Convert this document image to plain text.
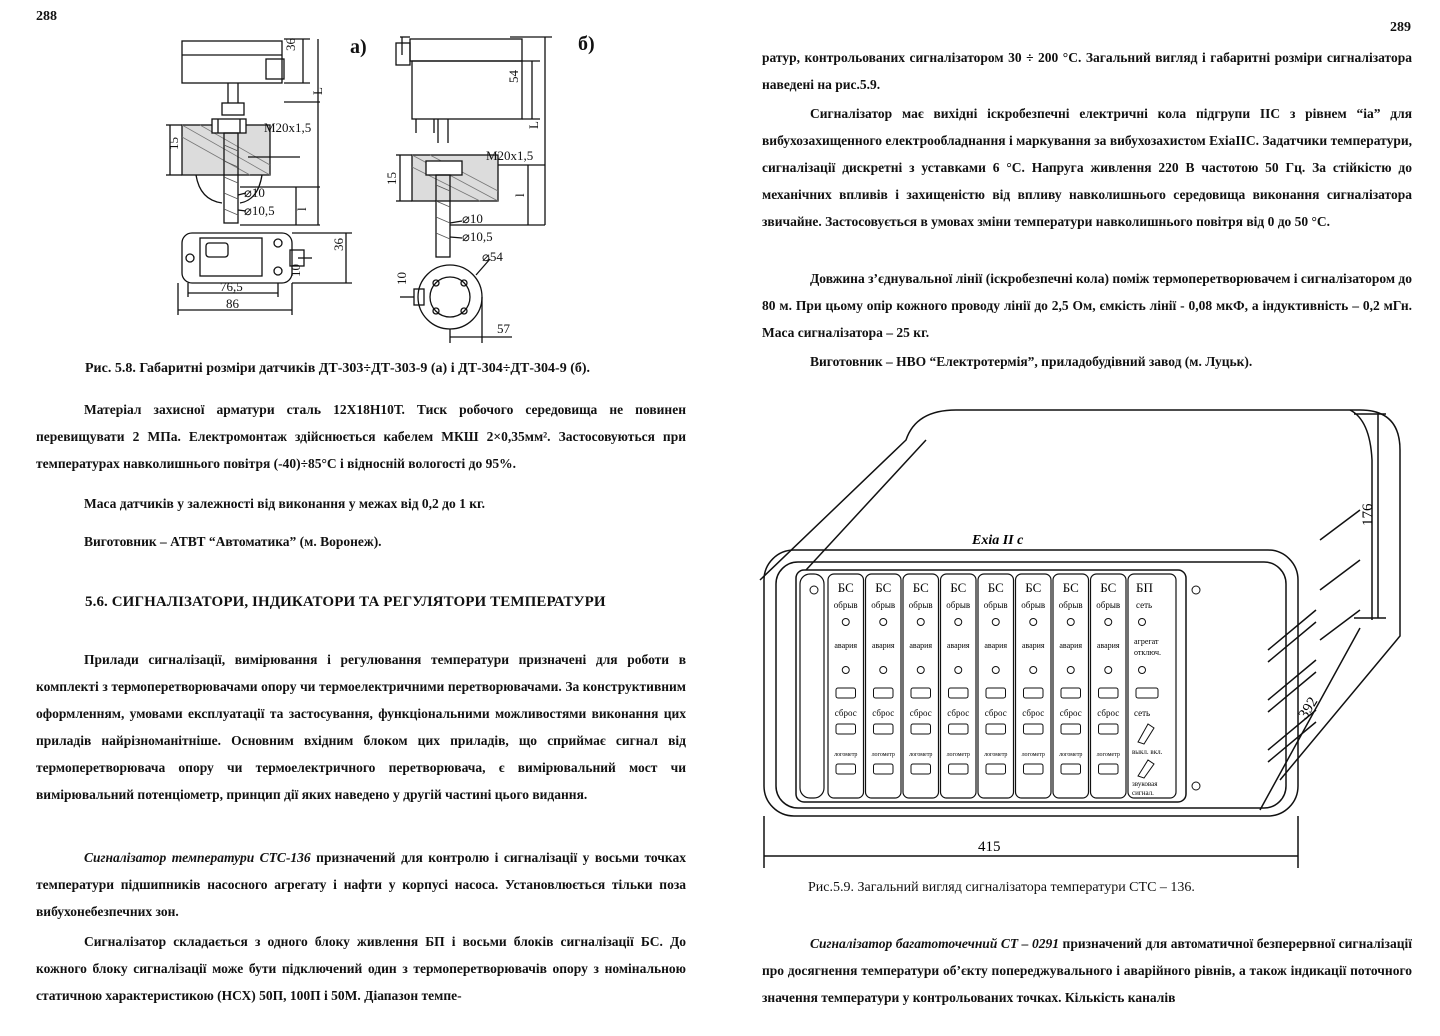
288
а)	б)
36
L
M20x1,5
15
l
⌀10
⌀10,5
36
10
76,5
86
54
L
M20x1,5
15
l
⌀10
⌀10,5
10
⌀54
57

Рис. 5.8. Габаритні розміри датчиків ДТ-303÷ДТ-303-9 (а) і ДТ-304÷ДТ-304-9 (б).

Матеріал захисної арматури сталь 12Х18Н10Т. Тиск робочого середовища не повинен перевищувати 2 МПа. Електромонтаж здійснюється кабелем МКШ 2×0,35мм². Застосовуються при температурах навколишнього повітря (-40)÷85°С і відносній вологості до 95%.

Маса датчиків у залежності від виконання у межах від 0,2 до 1 кг.

Виготовник – АТВТ “Автоматика” (м. Воронеж).

5.6. СИГНАЛІЗАТОРИ, ІНДИКАТОРИ ТА РЕГУЛЯТОРИ ТЕМПЕРАТУРИ

Прилади сигналізації, вимірювання і регулювання температури призначені для роботи в комплекті з термоперетворювачами опору чи термоелектричними перетворювачами. За конструктивним оформленням, умовами експлуатації та застосування, функціональними можливостями виконання цих приладів найрізноманітніше. Основним вхідним блоком цих приладів, що сприймає сигнал від термоперетворювача опору чи термоелектричного перетворювача, є вимірювальний мост чи вимірювальний потенціометр, принцип дії яких наведено у другій частині цього видання.

Сигналізатор температури СТС-136 призначений для контролю і сигналізації у восьми точках температури підшипників насосного агрегату і нафти у корпусі насоса. Установлюється тільки поза вибухонебезпечних зон.

Сигналізатор складається з одного блоку живлення БП і восьми блоків сигналізації БС. До кожного блоку сигналізації може бути підключений один з термоперетворювачів опору з номінальною статичною характеристикою (НСХ) 50П, 100П і 50М. Діапазон темпе-

289

ратур, контрольованих сигналізатором 30 ÷ 200 °С. Загальний вигляд і габаритні розміри сигналізатора наведені на рис.5.9.

Сигналізатор має вихідні іскробезпечні електричні кола підгрупи IIС з рівнем “іа” для вибухозахищенного електрообладнання і маркування за вибухозахистом ExiaIIC. Задатчики температури, сигналізації дискретні з уставками 6 °С. Напруга живлення 220 В частотою 50 Гц. За стійкістю до механічних впливів і захищеністю від впливу навколишнього середовища виконання сигналізатора звичайне. Застосовується в умовах зміни температури навколишнього повітря від 0 до 50 °С.

Довжина з’єднувальної лінії (іскробезпечні кола) поміж термоперетворювачем і сигналізатором до 80 м. При цьому опір кожного проводу лінії до 2,5 Ом, ємкість лінії - 0,08 мкФ, а індуктивність – 0,2 мГн. Маса сигналізатора – 25 кг.

Виготовник – НВО “Електротермія”, приладобудівний завод (м. Луцьк).

БС
обрыв
авария
сброс
логометр
БС
обрыв
авария
сброс
логометр
БС
обрыв
авария
сброс
логометр
БС
обрыв
авария
сброс
логометр
БС
обрыв
авария
сброс
логометр
БС
обрыв
авария
сброс
логометр
БС
обрыв
авария
сброс
логометр
БС
обрыв
авария
сброс
логометр
БП
сеть
агрегат
отключ.
сеть
выкл. вкл.
звуковая
сигнал.
Exia II c
415
176
392

Рис.5.9. Загальний вигляд сигналізатора температури СТС – 136.

Сигналізатор багатоточечний СТ – 0291 призначений для автоматичної безперервної сигналізації про досягнення температури об’єкту попереджувального і аварійного рівнів, а також індикації поточного значення температури у контрольованих точках. Кількість каналів
